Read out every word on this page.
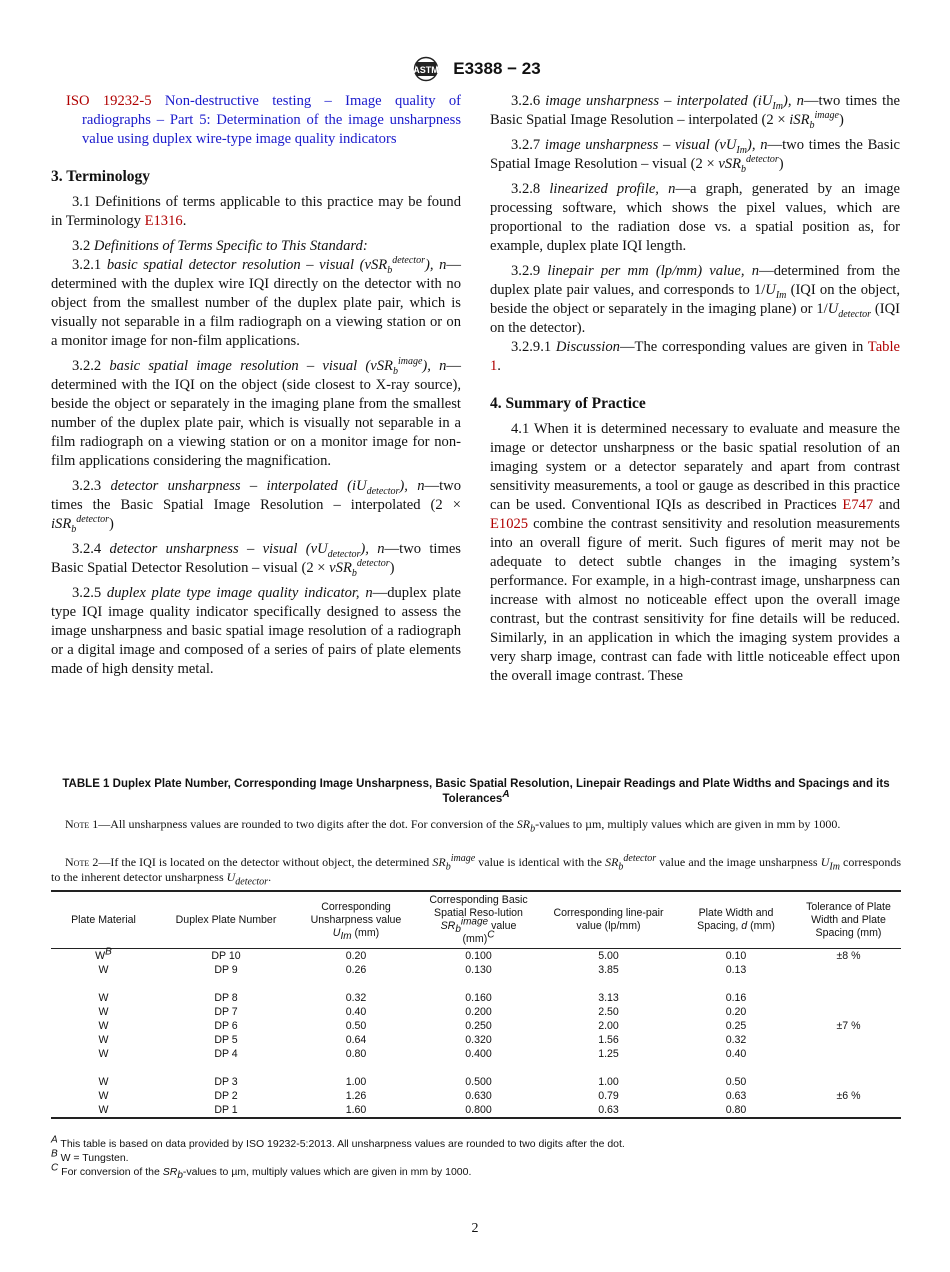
ASTM E3388 − 23

ISO 19232-5 Non-destructive testing – Image quality of radiographs – Part 5: Determination of the image unsharpness value using duplex wire-type image quality indicators

3. Terminology

3.1 Definitions of terms applicable to this practice may be found in Terminology E1316.

3.2 Definitions of Terms Specific to This Standard:

3.2.1 basic spatial detector resolution – visual (vSR$_b^{detector}$), n—determined with the duplex wire IQI directly on the detector with no object from the smallest number of the duplex plate pair, which is visually not separable in a film radiograph on a viewing station or on a monitor image for non-film applications.

3.2.2 basic spatial image resolution – visual (vSR$_b^{image}$), n—determined with the IQI on the object (side closest to X-ray source), beside the object or separately in the imaging plane from the smallest number of the duplex plate pair, which is visually not separable in a film radiograph on a viewing station or on a monitor image for non-film applications considering the magnification.

3.2.3 detector unsharpness – interpolated $(iU_{detector})$, n—two times the Basic Spatial Image Resolution – interpolated (2 × iSR$_b^{detector}$)

3.2.4 detector unsharpness – visual $(vU_{detector})$, n—two times Basic Spatial Detector Resolution – visual (2 × vSR$_b^{detector}$)

3.2.5 duplex plate type image quality indicator, n—duplex plate type IQI image quality indicator specifically designed to assess the image unsharpness and basic spatial image resolution of a radiograph or a digital image and composed of a series of pairs of plate elements made of high density metal.

3.2.6 image unsharpness – interpolated $(iU_{Im})$, n—two times the Basic Spatial Image Resolution – interpolated (2 × iSR$_b^{image}$)

3.2.7 image unsharpness – visual $(vU_{Im})$, n—two times the Basic Spatial Image Resolution – visual (2 × vSR$_b^{detector}$)

3.2.8 linearized profile, n—a graph, generated by an image processing software, which shows the pixel values, which are proportional to the radiation dose vs. a spatial position as, for example, duplex plate IQI length.

3.2.9 linepair per mm (lp/mm) value, n—determined from the duplex plate pair values, and corresponds to $1/U_{Im}$ (IQI on the object, beside the object or separately in the imaging plane) or $1/U_{detector}$ (IQI on the detector).

3.2.9.1 Discussion—The corresponding values are given in Table 1.

4. Summary of Practice

4.1 When it is determined necessary to evaluate and measure the image or detector unsharpness or the basic spatial resolution of an imaging system or a detector separately and apart from contrast sensitivity measurements, a tool or gauge as described in this practice can be used. Conventional IQIs as described in Practices E747 and E1025 combine the contrast sensitivity and resolution measurements into an overall figure of merit. Such figures of merit may not be adequate to detect subtle changes in the imaging system’s performance. For example, in a high-contrast image, unsharpness can increase with almost no noticeable effect upon the overall image contrast, but the contrast sensitivity for fine details will be reduced. Similarly, in an application in which the imaging system provides a very sharp image, contrast can fade with little noticeable effect upon the overall image contrast. These

TABLE 1 Duplex Plate Number, Corresponding Image Unsharpness, Basic Spatial Resolution, Linepair Readings and Plate Widths and Spacings and its Tolerances$^A$
Note 1—All unsharpness values are rounded to two digits after the dot. For conversion of the $SR_b$-values to µm, multiply values which are given in mm by 1000.
Note 2—If the IQI is located on the detector without object, the determined $SR_b^{image}$ value is identical with the $SR_b^{detector}$ value and the image unsharpness $U_{Im}$ corresponds to the inherent detector unsharpness $U_{detector}$.
Plate Material	Duplex Plate Number	Corresponding Unsharpness value
$U_{Im}$ (mm)	Corresponding Basic Spatial Reso-lution
$SR_b^{image}$ value
(mm)$^C$	Corresponding line-pair value (lp/mm)	Plate Width and Spacing, d (mm)	Tolerance of Plate Width and Plate Spacing (mm)
$W^B$	DP 10	0.20	0.100	5.00	0.10	±8 %
W	DP 9	0.26	0.130	3.85	0.13	

W	DP 8	0.32	0.160	3.13	0.16	
W	DP 7	0.40	0.200	2.50	0.20	
W	DP 6	0.50	0.250	2.00	0.25	±7 %
W	DP 5	0.64	0.320	1.56	0.32	
W	DP 4	0.80	0.400	1.25	0.40	

W	DP 3	1.00	0.500	1.00	0.50	
W	DP 2	1.26	0.630	0.79	0.63	±6 %
W	DP 1	1.60	0.800	0.63	0.80	
$^A$ This table is based on data provided by ISO 19232-5:2013. All unsharpness values are rounded to two digits after the dot.
$^B$ W = Tungsten.
$^C$ For conversion of the $SR_b$-values to µm, multiply values which are given in mm by 1000.
2
